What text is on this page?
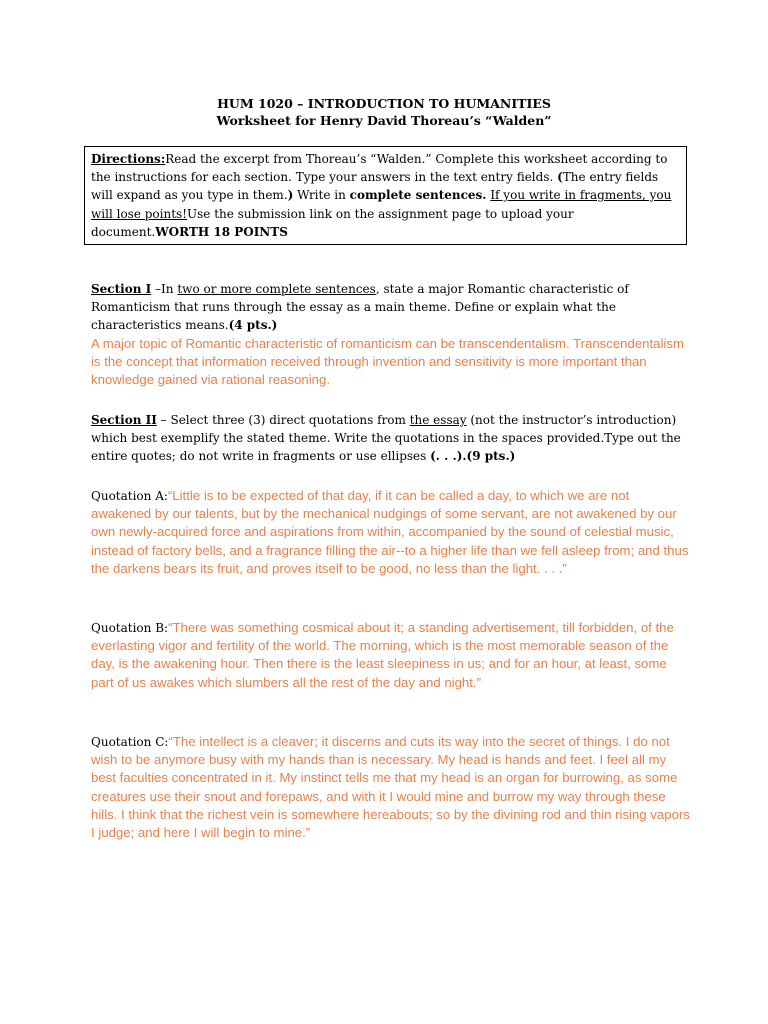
HUM 1020 – INTRODUCTION TO HUMANITIES
Worksheet for Henry David Thoreau’s “Walden”
Directions:Read the excerpt from Thoreau’s “Walden.” Complete this worksheet according to the instructions for each section. Type your answers in the text entry fields. (The entry fields will expand as you type in them.) Write in complete sentences. If you write in fragments, you will lose points!Use the submission link on the assignment page to upload your document.WORTH 18 POINTS
Section I –In two or more complete sentences, state a major Romantic characteristic of Romanticism that runs through the essay as a main theme. Define or explain what the characteristics means.(4 pts.)
A major topic of Romantic characteristic of romanticism can be transcendentalism. Transcendentalism is the concept that information received through invention and sensitivity is more important than knowledge gained via rational reasoning.
Section II – Select three (3) direct quotations from the essay (not the instructor’s introduction) which best exemplify the stated theme. Write the quotations in the spaces provided.Type out the entire quotes; do not write in fragments or use ellipses (. . .).(9 pts.)
Quotation A:“Little is to be expected of that day, if it can be called a day, to which we are not awakened by our talents, but by the mechanical nudgings of some servant, are not awakened by our own newly-acquired force and aspirations from within, accompanied by the sound of celestial music, instead of factory bells, and a fragrance filling the air--to a higher life than we fell asleep from; and thus the darkens bears its fruit, and proves itself to be good, no less than the light. . . .”
Quotation B:“There was something cosmical about it; a standing advertisement, till forbidden, of the everlasting vigor and fertility of the world. The morning, which is the most memorable season of the day, is the awakening hour. Then there is the least sleepiness in us; and for an hour, at least, some part of us awakes which slumbers all the rest of the day and night.”
Quotation C:“The intellect is a cleaver; it discerns and cuts its way into the secret of things. I do not wish to be anymore busy with my hands than is necessary. My head is hands and feet. I feel all my best faculties concentrated in it. My instinct tells me that my head is an organ for burrowing, as some creatures use their snout and forepaws, and with it I would mine and burrow my way through these hills. I think that the richest vein is somewhere hereabouts; so by the divining rod and thin rising vapors I judge; and here I will begin to mine.”
